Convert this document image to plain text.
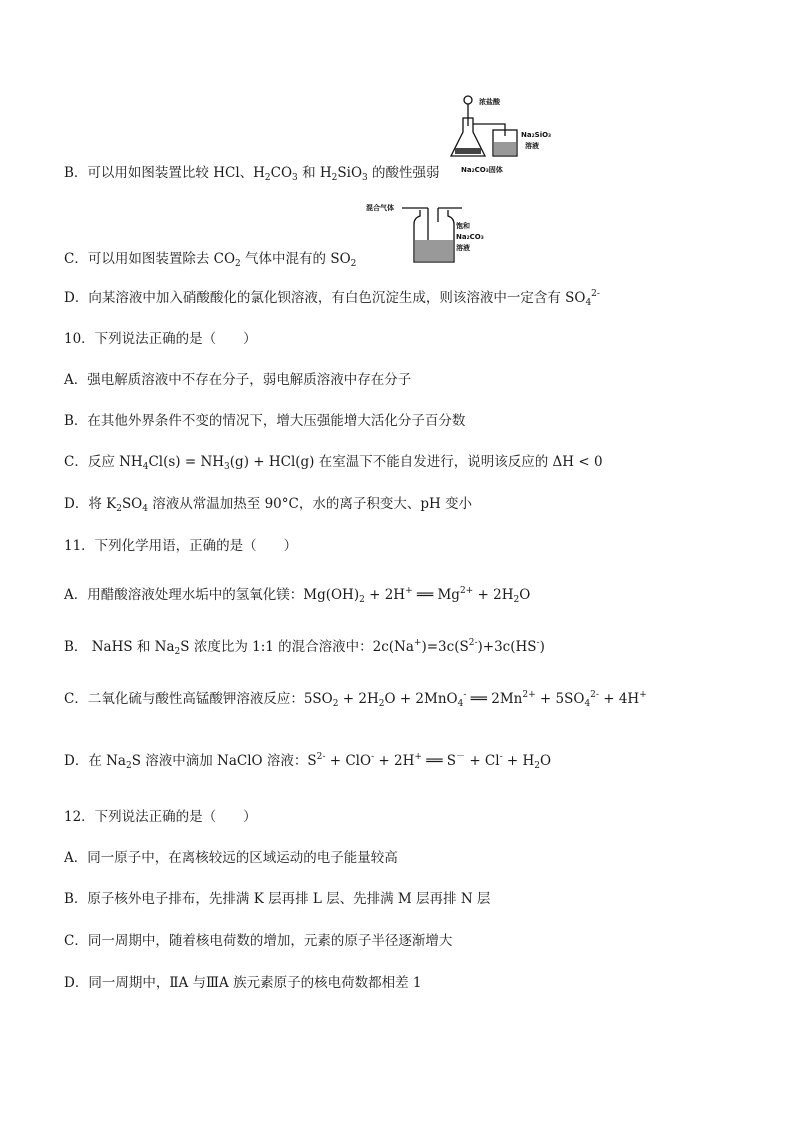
浓盐酸
Na₂SiO₃
溶液
Na₂CO₃固体
B．可以用如图装置比较 HCl、$H_2CO_3$ 和 $H_2SiO_3$ 的酸性强弱
混合气体
饱和
Na₂CO₃
溶液
C．可以用如图装置除去 $CO_2$ 气体中混有的 $SO_2$
D．向某溶液中加入硝酸酸化的氯化钡溶液，有白色沉淀生成，则该溶液中一定含有 $SO_4^{2-}$
10．下列说法正确的是（　　）
A．强电解质溶液中不存在分子，弱电解质溶液中存在分子
B．在其他外界条件不变的情况下，增大压强能增大活化分子百分数
C．反应 $NH_4Cl(s) = NH_3(g) + HCl(g)$ 在室温下不能自发进行，说明该反应的 ΔH < 0
D．将 $K_2SO_4$ 溶液从常温加热至 90°C，水的离子积变大、pH 变小
11．下列化学用语，正确的是（　　）
A．用醋酸溶液处理水垢中的氢氧化镁：$Mg(OH)_2 + 2H^+$ ══ $Mg^{2+} + 2H_2O$
B． NaHS 和 $Na_2S$ 浓度比为 1:1 的混合溶液中：$2c(Na^+)=3c(S^{2-})+3c(HS^-)$
C．二氧化硫与酸性高锰酸钾溶液反应：$5SO_2 + 2H_2O + 2MnO_4^-$ ══ $2Mn^{2+} + 5SO_4^{2-} + 4H^+$
D．在 $Na_2S$ 溶液中滴加 NaClO 溶液：$S^{2-} + ClO^- + 2H^+$ ══ $S^- + Cl^- + H_2O$
12．下列说法正确的是（　　）
A．同一原子中，在离核较远的区域运动的电子能量较高
B．原子核外电子排布，先排满 K 层再排 L 层、先排满 M 层再排 N 层
C．同一周期中，随着核电荷数的增加，元素的原子半径逐渐增大
D．同一周期中，ⅡA 与ⅢA 族元素原子的核电荷数都相差 1
